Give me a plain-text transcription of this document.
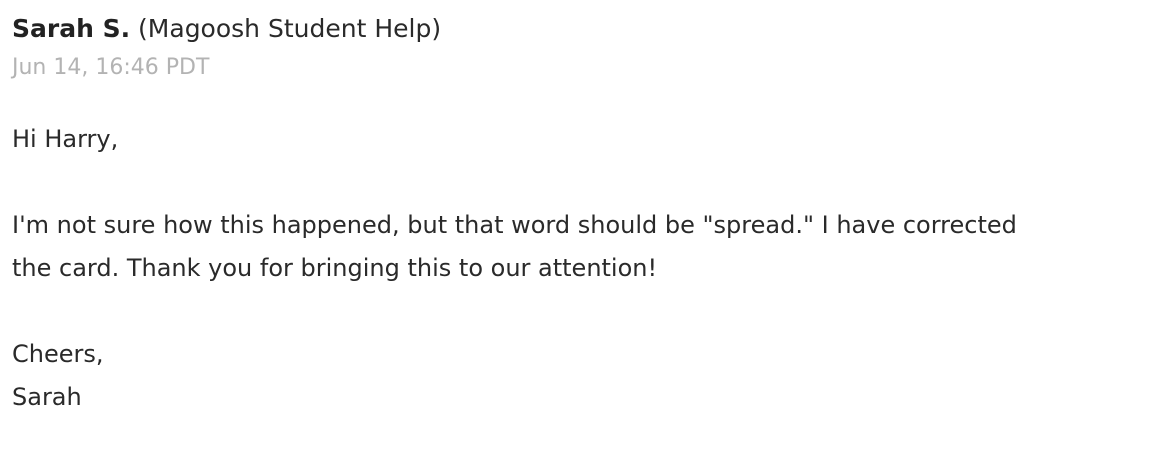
Sarah S. (Magoosh Student Help)
Jun 14, 16:46 PDT

Hi Harry,

I'm not sure how this happened, but that word should be "spread." I have corrected

the card. Thank you for bringing this to our attention!

Cheers,

Sarah
